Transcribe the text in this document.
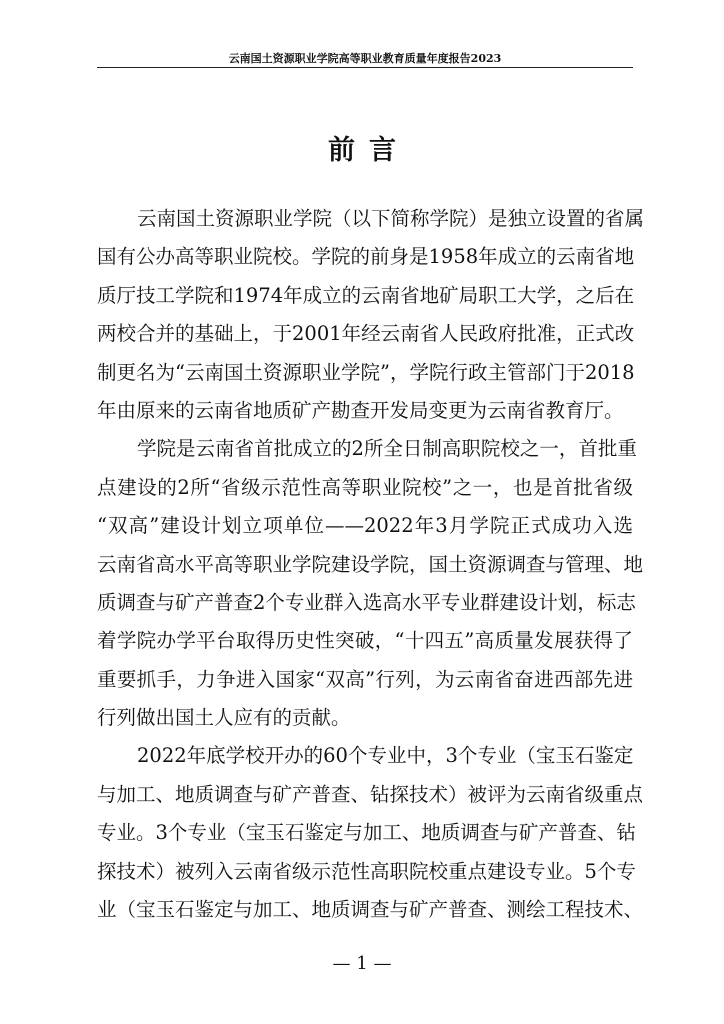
云南国土资源职业学院高等职业教育质量年度报告2023
前言
云南国土资源职业学院（以下简称学院）是独立设置的省属
国有公办高等职业院校。学院的前身是1958年成立的云南省地
质厅技工学院和1974年成立的云南省地矿局职工大学，之后在
两校合并的基础上，于2001年经云南省人民政府批准，正式改
制更名为“云南国土资源职业学院”，学院行政主管部门于2018
年由原来的云南省地质矿产勘查开发局变更为云南省教育厅。
学院是云南省首批成立的2所全日制高职院校之一，首批重
点建设的2所“省级示范性高等职业院校”之一，也是首批省级
“双高”建设计划立项单位——2022年3月学院正式成功入选
云南省高水平高等职业学院建设学院，国土资源调查与管理、地
质调查与矿产普查2个专业群入选高水平专业群建设计划，标志
着学院办学平台取得历史性突破，“十四五”高质量发展获得了
重要抓手，力争进入国家“双高”行列，为云南省奋进西部先进
行列做出国土人应有的贡献。
2022年底学校开办的60个专业中，3个专业（宝玉石鉴定
与加工、地质调查与矿产普查、钻探技术）被评为云南省级重点
专业。3个专业（宝玉石鉴定与加工、地质调查与矿产普查、钻
探技术）被列入云南省级示范性高职院校重点建设专业。5个专
业（宝玉石鉴定与加工、地质调查与矿产普查、测绘工程技术、
— 1 —
